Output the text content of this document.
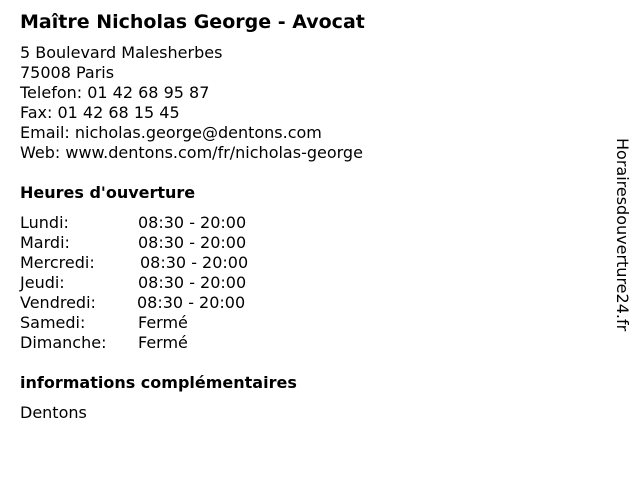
Maître Nicholas George - Avocat
5 Boulevard Malesherbes
75008 Paris
Telefon: 01 42 68 95 87
Fax: 01 42 68 15 45
Email: nicholas.george@dentons.com
Web: www.dentons.com/fr/nicholas-george
Heures d'ouverture
Lundi:	08:30 - 20:00
Mardi:	08:30 - 20:00
Mercredi:	08:30 - 20:00
Jeudi:	08:30 - 20:00
Vendredi:	08:30 - 20:00
Samedi:	Fermé
Dimanche: Fermé
informations complémentaires
Dentons
Horairesdouverture24.fr
